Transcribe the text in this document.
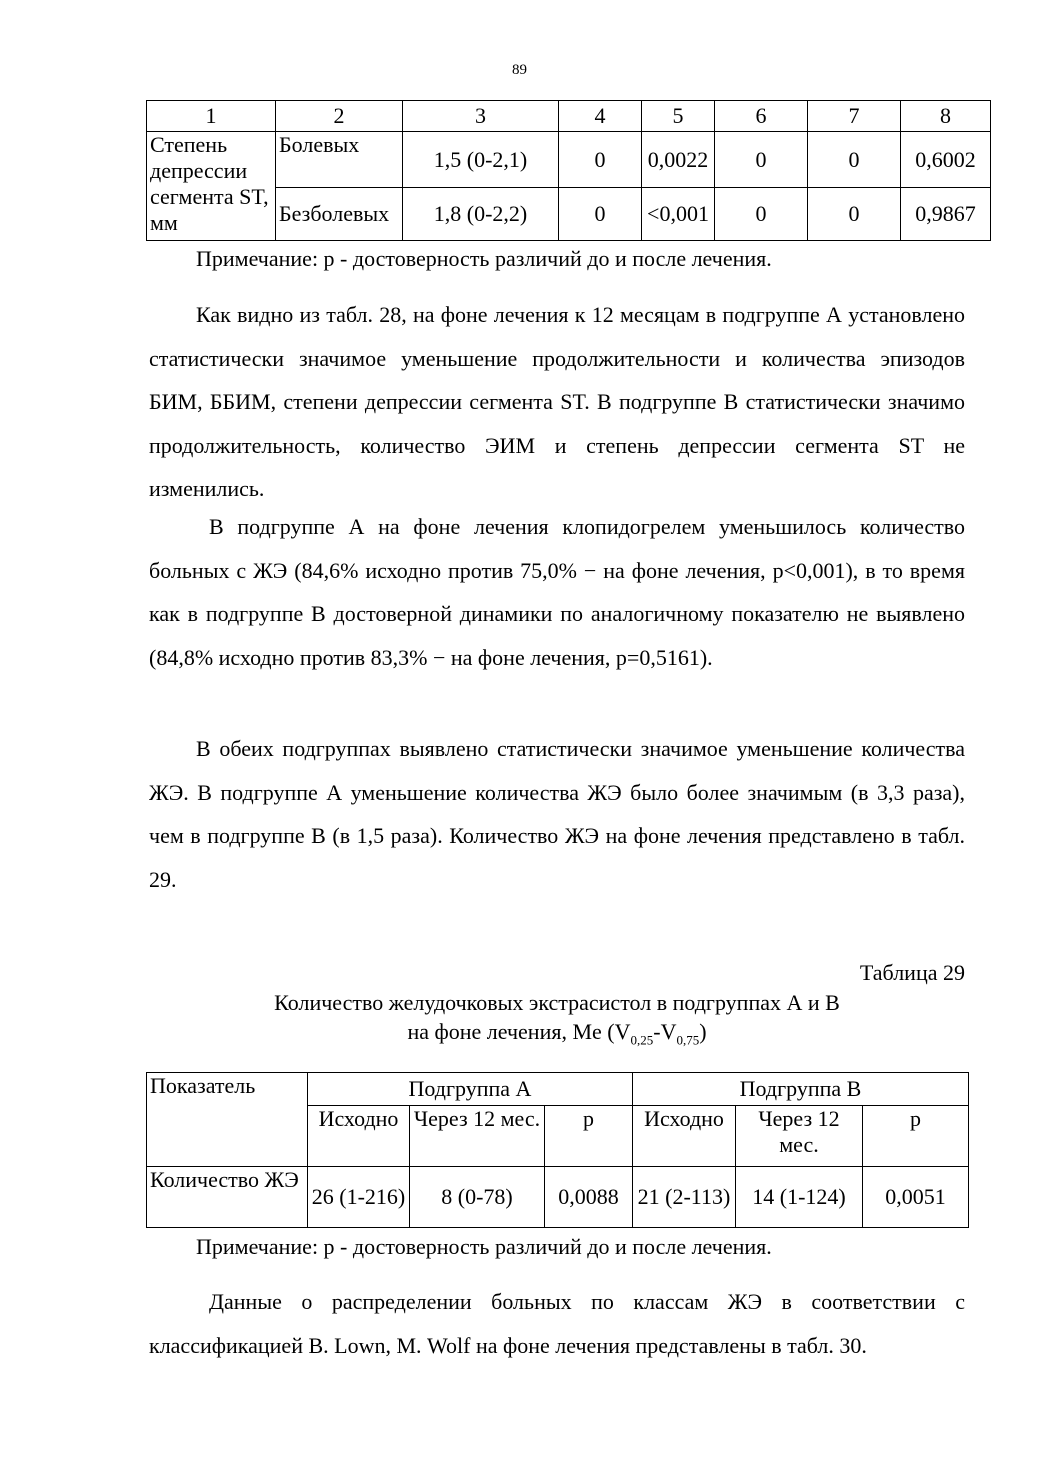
89
1	2	3	4	5	6	7	8
Степень депрессии сегмента ST, мм	Болевых	1,5 (0-2,1)	0	0,0022	0	0	0,6002
	Безболевых	1,8 (0-2,2)	0	<0,001	0	0	0,9867
Примечание: р - достоверность различий до и после лечения.

Как видно из табл. 28, на фоне лечения к 12 месяцам в подгруппе А установлено статистически значимое уменьшение продолжительности и количества эпизодов БИМ, ББИМ, степени депрессии сегмента ST. В подгруппе В статистически значимо продолжительность, количество ЭИМ и степень депрессии сегмента ST не изменились.

В подгруппе А на фоне лечения клопидогрелем уменьшилось количество больных с ЖЭ (84,6% исходно против 75,0% − на фоне лечения, р<0,001), в то время как в подгруппе В достоверной динамики по аналогичному показателю не выявлено (84,8% исходно против 83,3% − на фоне лечения, р=0,5161).

В обеих подгруппах выявлено статистически значимое уменьшение количества ЖЭ. В подгруппе А уменьшение количества ЖЭ было более значимым (в 3,3 раза), чем в подгруппе В (в 1,5 раза). Количество ЖЭ на фоне лечения представлено в табл. 29.

Таблица 29
Количество желудочковых экстрасистол в подгруппах А и В
на фоне лечения, Me $(V_{0,25}-V_{0,75})$
Показатель	Подгруппа А			Подгруппа В		
	Исходно	Через 12 мес.	р	Исходно	Через 12 мес.	р
Количество ЖЭ	26 (1-216)	8 (0-78)	0,0088	21 (2-113)	14 (1-124)	0,0051
Примечание: р - достоверность различий до и после лечения.

Данные о распределении больных по классам ЖЭ в соответствии с классификацией В. Lown, М. Wolf на фоне лечения представлены в табл. 30.
